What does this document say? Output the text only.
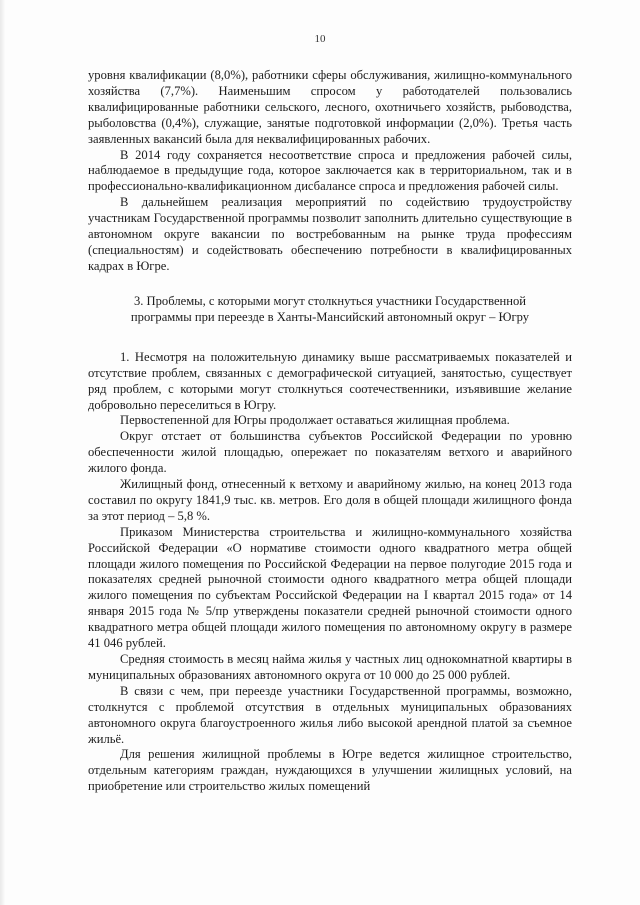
10

уровня квалификации (8,0%), работники сферы обслуживания, жилищно-коммунального хозяйства (7,7%). Наименьшим спросом у работодателей пользовались квалифицированные работники сельского, лесного, охотничьего хозяйств, рыбоводства, рыболовства (0,4%), служащие, занятые подготовкой информации (2,0%). Третья часть заявленных вакансий была для неквалифицированных рабочих.

В 2014 году сохраняется несоответствие спроса и предложения рабочей силы, наблюдаемое в предыдущие года, которое заключается как в территориальном, так и в профессионально-квалификационном дисбалансе спроса и предложения рабочей силы.

В дальнейшем реализация мероприятий по содействию трудоустройству участникам Государственной программы позволит заполнить длительно существующие в автономном округе вакансии по востребованным на рынке труда профессиям (специальностям) и содействовать обеспечению потребности в квалифицированных кадрах в Югре.

3. Проблемы, с которыми могут столкнуться участники Государственной
программы при переезде в Ханты-Мансийский автономный округ – Югру

1. Несмотря на положительную динамику выше рассматриваемых показателей и отсутствие проблем, связанных с демографической ситуацией, занятостью, существует ряд проблем, с которыми могут столкнуться соотечественники, изъявившие желание добровольно переселиться в Югру.

Первостепенной для Югры продолжает оставаться жилищная проблема.

Округ отстает от большинства субъектов Российской Федерации по уровню обеспеченности жилой площадью, опережает по показателям ветхого и аварийного жилого фонда.

Жилищный фонд, отнесенный к ветхому и аварийному жилью, на конец 2013 года составил по округу 1841,9 тыс. кв. метров. Его доля в общей площади жилищного фонда за этот период – 5,8 %.

Приказом Министерства строительства и жилищно-коммунального хозяйства Российской Федерации «О нормативе стоимости одного квадратного метра общей площади жилого помещения по Российской Федерации на первое полугодие 2015 года и показателях средней рыночной стоимости одного квадратного метра общей площади жилого помещения по субъектам Российской Федерации на I квартал 2015 года» от 14 января 2015 года № 5/пр утверждены показатели средней рыночной стоимости одного квадратного метра общей площади жилого помещения по автономному округу в размере 41 046 рублей.

Средняя стоимость в месяц найма жилья у частных лиц однокомнатной квартиры в муниципальных образованиях автономного округа от 10 000 до 25 000 рублей.

В связи с чем, при переезде участники Государственной программы, возможно, столкнутся с проблемой отсутствия в отдельных муниципальных образованиях автономного округа благоустроенного жилья либо высокой арендной платой за съемное жильё.

Для решения жилищной проблемы в Югре ведется жилищное строительство, отдельным категориям граждан, нуждающихся в улучшении жилищных условий, на приобретение или строительство жилых помещений
